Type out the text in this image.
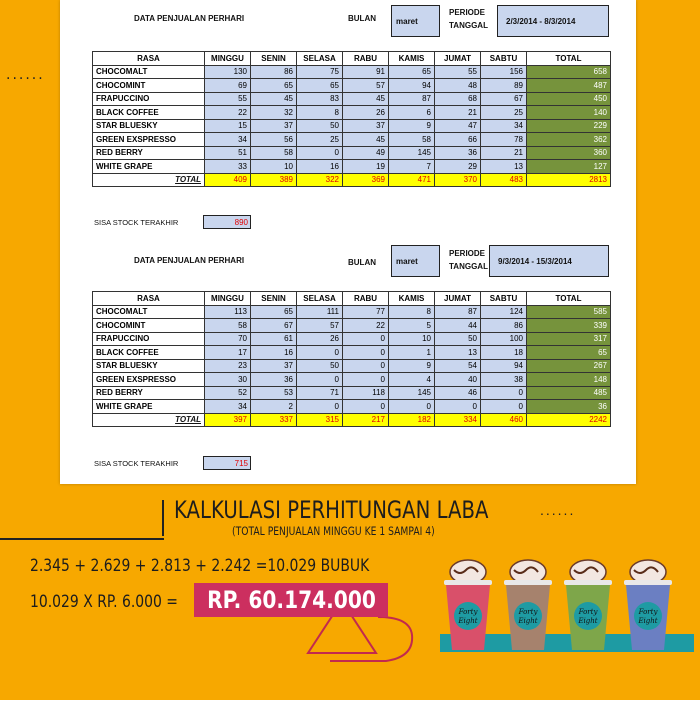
......
DATA PENJUALAN PERHARI	BULAN	maret
PERIODE
TANGGAL	2/3/2014 - 8/3/2014
RASA	MINGGU	SENIN	SELASA	RABU	KAMIS	JUMAT	SABTU	TOTAL
CHOCOMALT	130	86	75	91	65	55	156	658
CHOCOMINT	69	65	65	57	94	48	89	487
FRAPUCCINO	55	45	83	45	87	68	67	450
BLACK COFFEE	22	32	8	26	6	21	25	140
STAR BLUESKY	15	37	50	37	9	47	34	229
GREEN EXSPRESSO	34	56	25	45	58	66	78	362
RED BERRY	51	58	0	49	145	36	21	360
WHITE GRAPE	33	10	16	19	7	29	13	127
TOTAL	409	389	322	369	471	370	483	2813
SISA STOCK TERAKHIR	890
DATA PENJUALAN PERHARI	BULAN	maret
PERIODE
TANGGAL
9/3/2014 - 15/3/2014
RASA	MINGGU	SENIN	SELASA	RABU	KAMIS	JUMAT	SABTU	TOTAL
CHOCOMALT	113	65	111	77	8	87	124	585
CHOCOMINT	58	67	57	22	5	44	86	339
FRAPUCCINO	70	61	26	0	10	50	100	317
BLACK COFFEE	17	16	0	0	1	13	18	65
STAR BLUESKY	23	37	50	0	9	54	94	267
GREEN EXSPRESSO	30	36	0	0	4	40	38	148
RED BERRY	52	53	71	118	145	46	0	485
WHITE GRAPE	34	2	0	0	0	0	0	36
TOTAL	397	337	315	217	182	334	460	2242
SISA STOCK TERAKHIR	715
KALKULASI PERHITUNGAN LABA	......
(TOTAL PENJUALAN MINGGU KE 1 SAMPAI 4)
2.345 + 2.629 + 2.813 + 2.242 =10.029 BUBUK
10.029 X RP. 6.000 = RP. 60.174.000	Forty
Eight
Forty
Eight
Forty
Eight
Forty
Eight
